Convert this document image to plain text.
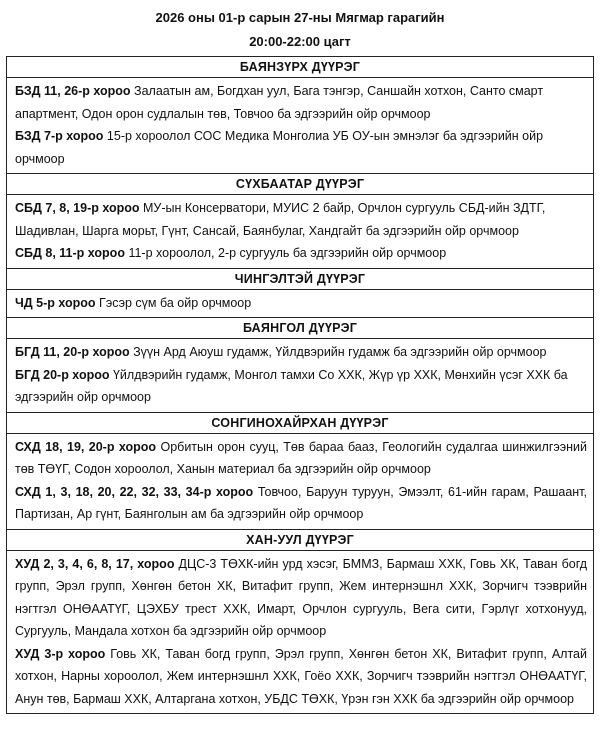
2026 оны 01-р сарын 27-ны Мягмар гарагийн
20:00-22:00 цагт
БАЯНЗҮРХ ДҮҮРЭГ

БЗД 11, 26-р хороо Залаатын ам, Богдхан уул, Бага тэнгэр, Саншайн хотхон, Санто смарт апартмент, Одон орон судлалын төв, Товчоо ба эдгээрийн ойр орчмоор

БЗД 7-р хороо 15-р хороолол СОС Медика Монголиа УБ ОУ-ын эмнэлэг ба эдгээрийн ойр орчмоор

СҮХБААТАР ДҮҮРЭГ

СБД 7, 8, 19-р хороо МУ-ын Консерватори, МУИС 2 байр, Орчлон сургууль СБД-ийн ЗДТГ, Шадивлан, Шарга морьт, Гүнт, Сансай, Баянбулаг, Хандгайт ба эдгээрийн ойр орчмоор

СБД 8, 11-р хороо 11-р хороолол, 2-р сургууль ба эдгээрийн ойр орчмоор

ЧИНГЭЛТЭЙ ДҮҮРЭГ

ЧД 5-р хороо Гэсэр сүм ба ойр орчмоор

БАЯНГОЛ ДҮҮРЭГ

БГД 11, 20-р хороо Зүүн Ард Аюуш гудамж, Үйлдвэрийн гудамж ба эдгээрийн ойр орчмоор

БГД 20-р хороо Үйлдвэрийн гудамж, Монгол тамхи Со ХХК, Жүр үр ХХК, Мөнхийн үсэг ХХК ба эдгээрийн ойр орчмоор

СОНГИНОХАЙРХАН ДҮҮРЭГ

СХД 18, 19, 20-р хороо Орбитын орон сууц, Төв бараа бааз, Геологийн судалгаа шинжилгээний төв ТӨҮГ, Содон хороолол, Ханын материал ба эдгээрийн ойр орчмоор

СХД 1, 3, 18, 20, 22, 32, 33, 34-р хороо Товчоо, Баруун туруун, Эмээлт, 61-ийн гарам, Рашаант, Партизан, Ар гүнт, Баянголын ам ба эдгээрийн ойр орчмоор

ХАН-УУЛ ДҮҮРЭГ

ХУД 2, 3, 4, 6, 8, 17, хороо ДЦС-3 ТӨХК-ийн урд хэсэг, БММЗ, Бармаш ХХК, Говь ХК, Таван богд групп, Эрэл групп, Хөнгөн бетон ХК, Витафит групп, Жем интернэшнл ХХК, Зорчигч тээврийн нэгтгэл ОНӨААТҮГ, ЦЭХБУ трест ХХК, Имарт, Орчлон сургууль, Вега сити, Гэрлүг хотхонууд, Сургууль, Мандала хотхон ба эдгээрийн ойр орчмоор

ХУД 3-р хороо Говь ХК, Таван богд групп, Эрэл групп, Хөнгөн бетон ХК, Витафит групп, Алтай хотхон, Нарны хороолол, Жем интернэшнл ХХК, Гоёо ХХК, Зорчигч тээврийн нэгтгэл ОНӨААТҮГ, Анун төв, Бармаш ХХК, Алтаргана хотхон, УБДС ТӨХК, Үрэн гэн ХХК ба эдгээрийн ойр орчмоор
